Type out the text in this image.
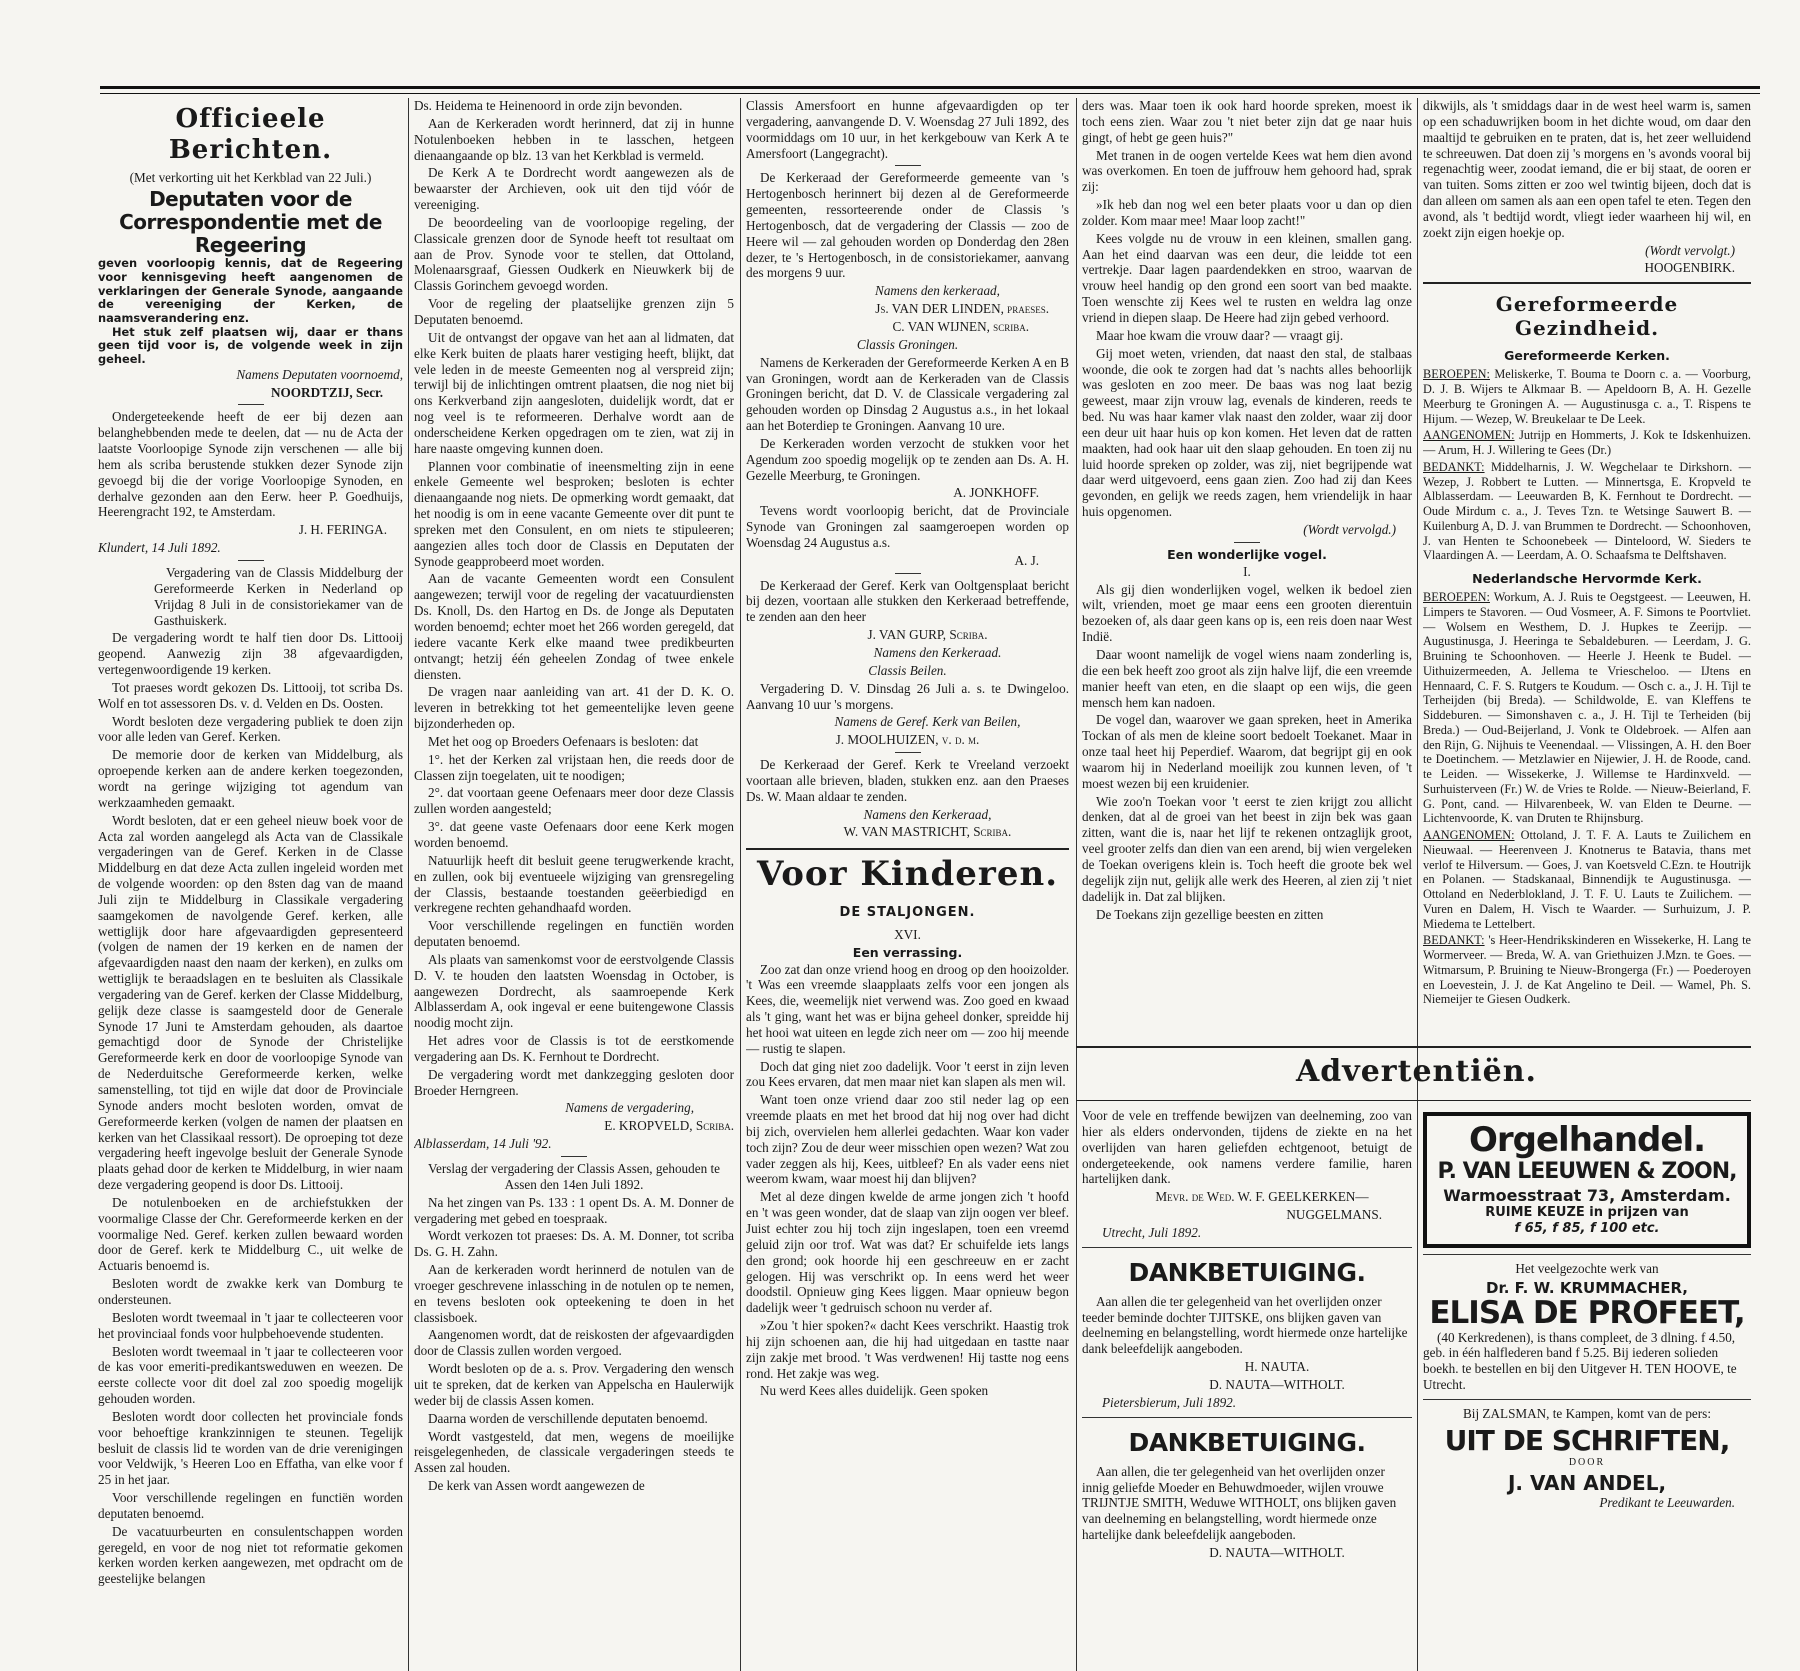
Officieele Berichten.

(Met verkorting uit het Kerkblad van 22 Juli.)

Deputaten voor de Correspondentie met de Regeering
geven voorloopig kennis, dat de Regeering voor kennisgeving heeft aangenomen de verklaringen der Generale Synode, aangaande de vereeniging der Kerken, de naamsverandering enz.
Het stuk zelf plaatsen wij, daar er thans geen tijd voor is, de volgende week in zijn geheel.

Namens Deputaten voornoemd,

NOORDTZIJ, Secr.

Ondergeteekende heeft de eer bij dezen aan belanghebbenden mede te deelen, dat — nu de Acta der laatste Voorloopige Synode zijn verschenen — alle bij hem als scriba berustende stukken dezer Synode zijn gevoegd bij die der vorige Voorloopige Synoden, en derhalve gezonden aan den Eerw. heer P. Goedhuijs, Heerengracht 192, te Amsterdam.

J. H. FERINGA.

Klundert, 14 Juli 1892.

Vergadering van de Classis Middelburg der Gereformeerde Kerken in Nederland op Vrijdag 8 Juli in de consistoriekamer van de Gasthuiskerk.

De vergadering wordt te half tien door Ds. Littooij geopend. Aanwezig zijn 38 afgevaardigden, vertegenwoordigende 19 kerken.

Tot praeses wordt gekozen Ds. Littooij, tot scriba Ds. Wolf en tot assessoren Ds. v. d. Velden en Ds. Oosten.

Wordt besloten deze vergadering publiek te doen zijn voor alle leden van Geref. Kerken.

De memorie door de kerken van Middelburg, als oproepende kerken aan de andere kerken toegezonden, wordt na geringe wijziging tot agendum van werkzaamheden gemaakt.

Wordt besloten, dat er een geheel nieuw boek voor de Acta zal worden aangelegd als Acta van de Classikale vergaderingen van de Geref. Kerken in de Classe Middelburg en dat deze Acta zullen ingeleid worden met de volgende woorden: op den 8sten dag van de maand Juli zijn te Middelburg in Classikale vergadering saamgekomen de navolgende Geref. kerken, alle wettiglijk door hare afgevaardigden gepresenteerd (volgen de namen der 19 kerken en de namen der afgevaardigden naast den naam der kerken), en zulks om wettiglijk te beraadslagen en te besluiten als Classikale vergadering van de Geref. kerken der Classe Middelburg, gelijk deze classe is saamgesteld door de Generale Synode 17 Juni te Amsterdam gehouden, als daartoe gemachtigd door de Synode der Christelijke Gereformeerde kerk en door de voorloopige Synode van de Nederduitsche Gereformeerde kerken, welke samenstelling, tot tijd en wijle dat door de Provinciale Synode anders mocht besloten worden, omvat de Gereformeerde kerken (volgen de namen der plaatsen en kerken van het Classikaal ressort). De oproeping tot deze vergadering heeft ingevolge besluit der Generale Synode plaats gehad door de kerken te Middelburg, in wier naam deze vergadering geopend is door Ds. Littooij.

De notulenboeken en de archiefstukken der voormalige Classe der Chr. Gereformeerde kerken en der voormalige Ned. Geref. kerken zullen bewaard worden door de Geref. kerk te Middelburg C., uit welke de Actuaris benoemd is.

Besloten wordt de zwakke kerk van Domburg te ondersteunen.

Besloten wordt tweemaal in 't jaar te collecteeren voor het provinciaal fonds voor hulpbehoevende studenten.

Besloten wordt tweemaal in 't jaar te collecteeren voor de kas voor emeriti-predikantsweduwen en weezen. De eerste collecte voor dit doel zal zoo spoedig mogelijk gehouden worden.

Besloten wordt door collecten het provinciale fonds voor behoeftige krankzinnigen te steunen. Tegelijk besluit de classis lid te worden van de drie verenigingen voor Veldwijk, 's Heeren Loo en Effatha, van elke voor f 25 in het jaar.

Voor verschillende regelingen en functiën worden deputaten benoemd.

De vacatuurbeurten en consulentschappen worden geregeld, en voor de nog niet tot reformatie gekomen kerken worden kerken aangewezen, met opdracht om de geestelijke belangen

Ds. Heidema te Heinenoord in orde zijn bevonden.

Aan de Kerkeraden wordt herinnerd, dat zij in hunne Notulenboeken hebben in te lasschen, hetgeen dienaangaande op blz. 13 van het Kerkblad is vermeld.

De Kerk A te Dordrecht wordt aangewezen als de bewaarster der Archieven, ook uit den tijd vóór de vereeniging.

De beoordeeling van de voorloopige regeling, der Classicale grenzen door de Synode heeft tot resultaat om aan de Prov. Synode voor te stellen, dat Ottoland, Molenaarsgraaf, Giessen Oudkerk en Nieuwkerk bij de Classis Gorinchem gevoegd worden.

Voor de regeling der plaatselijke grenzen zijn 5 Deputaten benoemd.

Uit de ontvangst der opgave van het aan al lidmaten, dat elke Kerk buiten de plaats harer vestiging heeft, blijkt, dat vele leden in de meeste Gemeenten nog al verspreid zijn; terwijl bij de inlichtingen omtrent plaatsen, die nog niet bij ons Kerkverband zijn aangesloten, duidelijk wordt, dat er nog veel is te reformeeren. Derhalve wordt aan de onderscheidene Kerken opgedragen om te zien, wat zij in hare naaste omgeving kunnen doen.

Plannen voor combinatie of ineensmelting zijn in eene enkele Gemeente wel besproken; besloten is echter dienaangaande nog niets. De opmerking wordt gemaakt, dat het noodig is om in eene vacante Gemeente over dit punt te spreken met den Consulent, en om niets te stipuleeren; aangezien alles toch door de Classis en Deputaten der Synode geapprobeerd moet worden.

Aan de vacante Gemeenten wordt een Consulent aangewezen; terwijl voor de regeling der vacatuurdiensten Ds. Knoll, Ds. den Hartog en Ds. de Jonge als Deputaten worden benoemd; echter moet het 266 worden geregeld, dat iedere vacante Kerk elke maand twee predikbeurten ontvangt; hetzij één geheelen Zondag of twee enkele diensten.

De vragen naar aanleiding van art. 41 der D. K. O. leveren in betrekking tot het gemeentelijke leven geene bijzonderheden op.

Met het oog op Broeders Oefenaars is besloten: dat

1°. het der Kerken zal vrijstaan hen, die reeds door de Classen zijn toegelaten, uit te noodigen;

2°. dat voortaan geene Oefenaars meer door deze Classis zullen worden aangesteld;

3°. dat geene vaste Oefenaars door eene Kerk mogen worden benoemd.

Natuurlijk heeft dit besluit geene terugwerkende kracht, en zullen, ook bij eventueele wijziging van grensregeling der Classis, bestaande toestanden geëerbiedigd en verkregene rechten gehandhaafd worden.

Voor verschillende regelingen en functiën worden deputaten benoemd.

Als plaats van samenkomst voor de eerstvolgende Classis D. V. te houden den laatsten Woensdag in October, is aangewezen Dordrecht, als saamroepende Kerk Alblasserdam A, ook ingeval er eene buitengewone Classis noodig mocht zijn.

Het adres voor de Classis is tot de eerstkomende vergadering aan Ds. K. Fernhout te Dordrecht.

De vergadering wordt met dankzegging gesloten door Broeder Herngreen.

Namens de vergadering,

E. KROPVELD, Scriba.

Alblasserdam, 14 Juli '92.

Verslag der vergadering der Classis Assen, gehouden te Assen den 14en Juli 1892.

Na het zingen van Ps. 133 : 1 opent Ds. A. M. Donner de vergadering met gebed en toespraak.

Wordt verkozen tot praeses: Ds. A. M. Donner, tot scriba Ds. G. H. Zahn.

Aan de kerkeraden wordt herinnerd de notulen van de vroeger geschrevene inlassching in de notulen op te nemen, en tevens besloten ook opteekening te doen in het classisboek.

Aangenomen wordt, dat de reiskosten der afgevaardigden door de Classis zullen worden vergoed.

Wordt besloten op de a. s. Prov. Vergadering den wensch uit te spreken, dat de kerken van Appelscha en Haulerwijk weder bij de classis Assen komen.

Daarna worden de verschillende deputaten benoemd.

Wordt vastgesteld, dat men, wegens de moeilijke reisgelegenheden, de classicale vergaderingen steeds te Assen zal houden.

De kerk van Assen wordt aangewezen de

Classis Amersfoort en hunne afgevaardigden op ter vergadering, aanvangende D. V. Woensdag 27 Juli 1892, des voormiddags om 10 uur, in het kerkgebouw van Kerk A te Amersfoort (Langegracht).

De Kerkeraad der Gereformeerde gemeente van 's Hertogenbosch herinnert bij dezen al de Gereformeerde gemeenten, ressorteerende onder de Classis 's Hertogenbosch, dat de vergadering der Classis — zoo de Heere wil — zal gehouden worden op Donderdag den 28en dezer, te 's Hertogenbosch, in de consistoriekamer, aanvang des morgens 9 uur.

Namens den kerkeraad,

Js. VAN DER LINDEN, praeses.

C. VAN WIJNEN, scriba.

Classis Groningen.

Namens de Kerkeraden der Gereformeerde Kerken A en B van Groningen, wordt aan de Kerkeraden van de Classis Groningen bericht, dat D. V. de Classicale vergadering zal gehouden worden op Dinsdag 2 Augustus a.s., in het lokaal aan het Boterdiep te Groningen. Aanvang 10 ure.

De Kerkeraden worden verzocht de stukken voor het Agendum zoo spoedig mogelijk op te zenden aan Ds. A. H. Gezelle Meerburg, te Groningen.

A. JONKHOFF.

Tevens wordt voorloopig bericht, dat de Provinciale Synode van Groningen zal saamgeroepen worden op Woensdag 24 Augustus a.s.

A. J.

De Kerkeraad der Geref. Kerk van Ooltgensplaat bericht bij dezen, voortaan alle stukken den Kerkeraad betreffende, te zenden aan den heer

J. VAN GURP, Scriba.

Namens den Kerkeraad.

Classis Beilen.

Vergadering D. V. Dinsdag 26 Juli a. s. te Dwingeloo. Aanvang 10 uur 's morgens.

Namens de Geref. Kerk van Beilen,

J. MOOLHUIZEN, v. d. m.

De Kerkeraad der Geref. Kerk te Vreeland verzoekt voortaan alle brieven, bladen, stukken enz. aan den Praeses Ds. W. Maan aldaar te zenden.

Namens den Kerkeraad,

W. VAN MASTRICHT, Scriba.

Voor Kinderen.
DE STALJONGEN.

XVI.

Een verrassing.

Zoo zat dan onze vriend hoog en droog op den hooizolder. 't Was een vreemde slaapplaats zelfs voor een jongen als Kees, die, weemelijk niet verwend was. Zoo goed en kwaad als 't ging, want het was er bijna geheel donker, spreidde hij het hooi wat uiteen en legde zich neer om — zoo hij meende — rustig te slapen.

Doch dat ging niet zoo dadelijk. Voor 't eerst in zijn leven zou Kees ervaren, dat men maar niet kan slapen als men wil.

Want toen onze vriend daar zoo stil neder lag op een vreemde plaats en met het brood dat hij nog over had dicht bij zich, overvielen hem allerlei gedachten. Waar kon vader toch zijn? Zou de deur weer misschien open wezen? Wat zou vader zeggen als hij, Kees, uitbleef? En als vader eens niet weerom kwam, waar moest hij dan blijven?

Met al deze dingen kwelde de arme jongen zich 't hoofd en 't was geen wonder, dat de slaap van zijn oogen ver bleef. Juist echter zou hij toch zijn ingeslapen, toen een vreemd geluid zijn oor trof. Wat was dat? Er schuifelde iets langs den grond; ook hoorde hij een geschreeuw en er zacht gelogen. Hij was verschrikt op. In eens werd het weer doodstil. Opnieuw ging Kees liggen. Maar opnieuw begon dadelijk weer 't gedruisch schoon nu verder af.

»Zou 't hier spoken?« dacht Kees verschrikt. Haastig trok hij zijn schoenen aan, die hij had uitgedaan en tastte naar zijn zakje met brood. 't Was verdwenen! Hij tastte nog eens rond. Het zakje was weg.

Nu werd Kees alles duidelijk. Geen spoken

ders was. Maar toen ik ook hard hoorde spreken, moest ik toch eens zien. Waar zou 't niet beter zijn dat ge naar huis gingt, of hebt ge geen huis?"

Met tranen in de oogen vertelde Kees wat hem dien avond was overkomen. En toen de juffrouw hem gehoord had, sprak zij:

»Ik heb dan nog wel een beter plaats voor u dan op dien zolder. Kom maar mee! Maar loop zacht!"

Kees volgde nu de vrouw in een kleinen, smallen gang. Aan het eind daarvan was een deur, die leidde tot een vertrekje. Daar lagen paardendekken en stroo, waarvan de vrouw heel handig op den grond een soort van bed maakte. Toen wenschte zij Kees wel te rusten en weldra lag onze vriend in diepen slaap. De Heere had zijn gebed verhoord.

Maar hoe kwam die vrouw daar? — vraagt gij.

Gij moet weten, vrienden, dat naast den stal, de stalbaas woonde, die ook te zorgen had dat 's nachts alles behoorlijk was gesloten en zoo meer. De baas was nog laat bezig geweest, maar zijn vrouw lag, evenals de kinderen, reeds te bed. Nu was haar kamer vlak naast den zolder, waar zij door een deur uit haar huis op kon komen. Het leven dat de ratten maakten, had ook haar uit den slaap gehouden. En toen zij nu luid hoorde spreken op zolder, was zij, niet begrijpende wat daar werd uitgevoerd, eens gaan zien. Zoo had zij dan Kees gevonden, en gelijk we reeds zagen, hem vriendelijk in haar huis opgenomen.

(Wordt vervolgd.)

Een wonderlijke vogel.

I.

Als gij dien wonderlijken vogel, welken ik bedoel zien wilt, vrienden, moet ge maar eens een grooten dierentuin bezoeken of, als daar geen kans op is, een reis doen naar West Indië.

Daar woont namelijk de vogel wiens naam zonderling is, die een bek heeft zoo groot als zijn halve lijf, die een vreemde manier heeft van eten, en die slaapt op een wijs, die geen mensch hem kan nadoen.

De vogel dan, waarover we gaan spreken, heet in Amerika Tockan of als men de kleine soort bedoelt Toekanet. Maar in onze taal heet hij Peperdief. Waarom, dat begrijpt gij en ook waarom hij in Nederland moeilijk zou kunnen leven, of 't moest wezen bij een kruidenier.

Wie zoo'n Toekan voor 't eerst te zien krijgt zou allicht denken, dat al de groei van het beest in zijn bek was gaan zitten, want die is, naar het lijf te rekenen ontzaglijk groot, veel grooter zelfs dan dien van een arend, bij wien vergeleken de Toekan overigens klein is. Toch heeft die groote bek wel degelijk zijn nut, gelijk alle werk des Heeren, al zien zij 't niet dadelijk in. Dat zal blijken.

De Toekans zijn gezellige beesten en zitten

dikwijls, als 't smiddags daar in de west heel warm is, samen op een schaduwrijken boom in het dichte woud, om daar den maaltijd te gebruiken en te praten, dat is, het zeer welluidend te schreeuwen. Dat doen zij 's morgens en 's avonds vooral bij regenachtig weer, zoodat iemand, die er bij staat, de ooren er van tuiten. Soms zitten er zoo wel twintig bijeen, doch dat is dan alleen om samen als aan een open tafel te eten. Tegen den avond, als 't bedtijd wordt, vliegt ieder waarheen hij wil, en zoekt zijn eigen hoekje op.

(Wordt vervolgt.)

HOOGENBIRK.

Gereformeerde Gezindheid.
Gereformeerde Kerken.

BEROEPEN: Meliskerke, T. Bouma te Doorn c. a. — Voorburg, D. J. B. Wijers te Alkmaar B. — Apeldoorn B, A. H. Gezelle Meerburg te Groningen A. — Augustinusga c. a., T. Rispens te Hijum. — Wezep, W. Breukelaar te De Leek.

AANGENOMEN: Jutrijp en Hommerts, J. Kok te Idskenhuizen. — Arum, H. J. Willering te Gees (Dr.)

BEDANKT: Middelharnis, J. W. Wegchelaar te Dirkshorn. — Wezep, J. Robbert te Lutten. — Minnertsga, E. Kropveld te Alblasserdam. — Leeuwarden B, K. Fernhout te Dordrecht. — Oude Mirdum c. a., J. Teves Tzn. te Wetsinge Sauwert B. — Kuilenburg A, D. J. van Brummen te Dordrecht. — Schoonhoven, J. van Henten te Schoonebeek — Dinteloord, W. Sieders te Vlaardingen A. — Leerdam, A. O. Schaafsma te Delftshaven.

Nederlandsche Hervormde Kerk.

BEROEPEN: Workum, A. J. Ruis te Oegstgeest. — Leeuwen, H. Limpers te Stavoren. — Oud Vosmeer, A. F. Simons te Poortvliet. — Wolsem en Westhem, D. J. Hupkes te Zeerijp. — Augustinusga, J. Heeringa te Sebaldeburen. — Leerdam, J. G. Bruining te Schoonhoven. — Heerle J. Heenk te Budel. — Uithuizermeeden, A. Jellema te Vriescheloo. — IJtens en Hennaard, C. F. S. Rutgers te Koudum. — Osch c. a., J. H. Tijl te Terheijden (bij Breda). — Schildwolde, E. van Kleffens te Siddeburen. — Simonshaven c. a., J. H. Tijl te Terheiden (bij Breda.) — Oud-Beijerland, J. Vonk te Oldebroek. — Alfen aan den Rijn, G. Nijhuis te Veenendaal. — Vlissingen, A. H. den Boer te Doetinchem. — Metzlawier en Nijewier, J. H. de Roode, cand. te Leiden. — Wissekerke, J. Willemse te Hardinxveld. — Surhuisterveen (Fr.) W. de Vries te Rolde. — Nieuw-Beierland, F. G. Pont, cand. — Hilvarenbeek, W. van Elden te Deurne. — Lichtenvoorde, K. van Druten te Rhijnsburg.

AANGENOMEN: Ottoland, J. T. F. A. Lauts te Zuilichem en Nieuwaal. — Heerenveen J. Knotnerus te Batavia, thans met verlof te Hilversum. — Goes, J. van Koetsveld C.Ezn. te Houtrijk en Polanen. — Stadskanaal, Binnendijk te Augustinusga. — Ottoland en Nederblokland, J. T. F. U. Lauts te Zuilichem. — Vuren en Dalem, H. Visch te Waarder. — Surhuizum, J. P. Miedema te Lettelbert.

BEDANKT: 's Heer-Hendrikskinderen en Wissekerke, H. Lang te Wormerveer. — Breda, W. A. van Griethuizen J.Mzn. te Goes. — Witmarsum, P. Bruining te Nieuw-Brongerga (Fr.) — Poederoyen en Loevestein, J. J. de Kat Angelino te Deil. — Wamel, Ph. S. Niemeijer te Giesen Oudkerk.

Advertentiën.

Voor de vele en treffende bewijzen van deelneming, zoo van hier als elders ondervonden, tijdens de ziekte en na het overlijden van haren geliefden echtgenoot, betuigt de ondergeteekende, ook namens verdere familie, haren hartelijken dank.

Mevr. de Wed. W. F. GEELKERKEN—

NUGGELMANS.

Utrecht, Juli 1892.

DANKBETUIGING.

Aan allen die ter gelegenheid van het overlijden onzer teeder beminde dochter TJITSKE, ons blijken gaven van deelneming en belangstelling, wordt hiermede onze hartelijke dank beleefdelijk aangeboden.

H. NAUTA.

D. NAUTA—WITHOLT.

Pietersbierum, Juli 1892.

DANKBETUIGING.

Aan allen, die ter gelegenheid van het overlijden onzer innig geliefde Moeder en Behuwdmoeder, wijlen vrouwe TRIJNTJE SMITH, Weduwe WITHOLT, ons blijken gaven van deelneming en belangstelling, wordt hiermede onze hartelijke dank beleefdelijk aangeboden.

D. NAUTA—WITHOLT.

Orgelhandel.
P. VAN LEEUWEN & ZOON,
Warmoesstraat 73, Amsterdam.
RUIME KEUZE in prijzen van
f 65, f 85, f 100 etc.

Het veelgezochte werk van

Dr. F. W. KRUMMACHER,
ELISA DE PROFEET,

(40 Kerkredenen), is thans compleet, de 3 dlning. f 4.50, geb. in één halflederen band f 5.25. Bij iederen solieden boekh. te bestellen en bij den Uitgever H. TEN HOOVE, te Utrecht.

Bij ZALSMAN, te Kampen, komt van de pers:

UIT DE SCHRIFTEN,

DOOR

J. VAN ANDEL,

Predikant te Leeuwarden.
